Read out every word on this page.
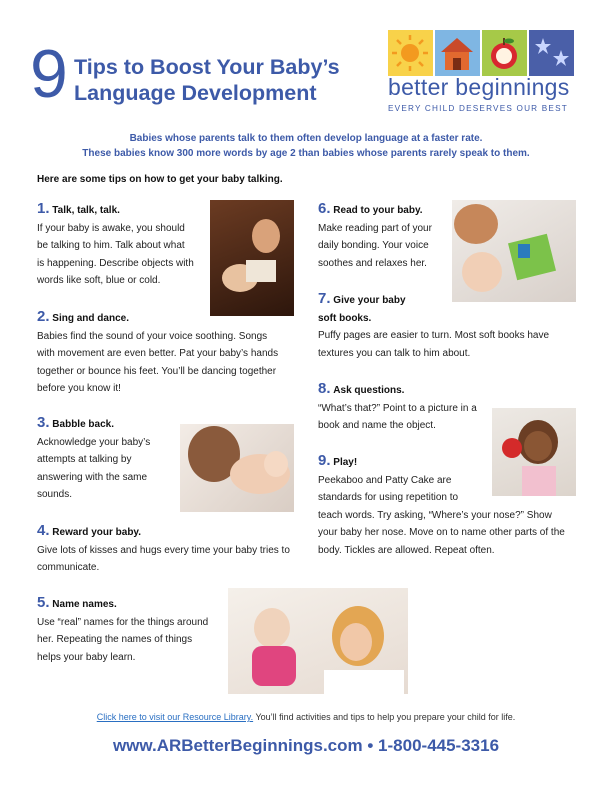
9 Tips to Boost Your Baby’s
Language Development	better beginnings
EVERY CHILD DESERVES OUR BEST
Babies whose parents talk to them often develop language at a faster rate.
These babies know 300 more words by age 2 than babies whose parents rarely speak to them.
Here are some tips on how to get your baby talking.
1. Talk, talk, talk.
If your baby is awake, you should
be talking to him. Talk about what
is happening. Describe objects with
words like soft, blue or cold.
2. Sing and dance.
Babies find the sound of your voice soothing. Songs
with movement are even better. Pat your baby’s hands
together or bounce his feet. You’ll be dancing together
before you know it!
3. Babble back.
Acknowledge your baby’s
attempts at talking by
answering with the same
sounds.
4. Reward your baby.
Give lots of kisses and hugs every time your baby tries to
communicate.
5. Name names.
Use “real” names for the things around
her. Repeating the names of things
helps your baby learn.
6. Read to your baby.
Make reading part of your
daily bonding. Your voice
soothes and relaxes her.
7. Give your baby
soft books.
Puffy pages are easier to turn. Most soft books have
textures you can talk to him about.
8. Ask questions.
“What’s that?” Point to a picture in a
book and name the object.
9. Play!
Peekaboo and Patty Cake are
standards for using repetition to
teach words. Try asking, “Where’s your nose?” Show
your baby her nose. Move on to name other parts of the
body. Tickles are allowed. Repeat often.
Click here to visit our Resource Library. You’ll find activities and tips to help you prepare your child for life.
www.ARBetterBeginnings.com • 1-800-445-3316
